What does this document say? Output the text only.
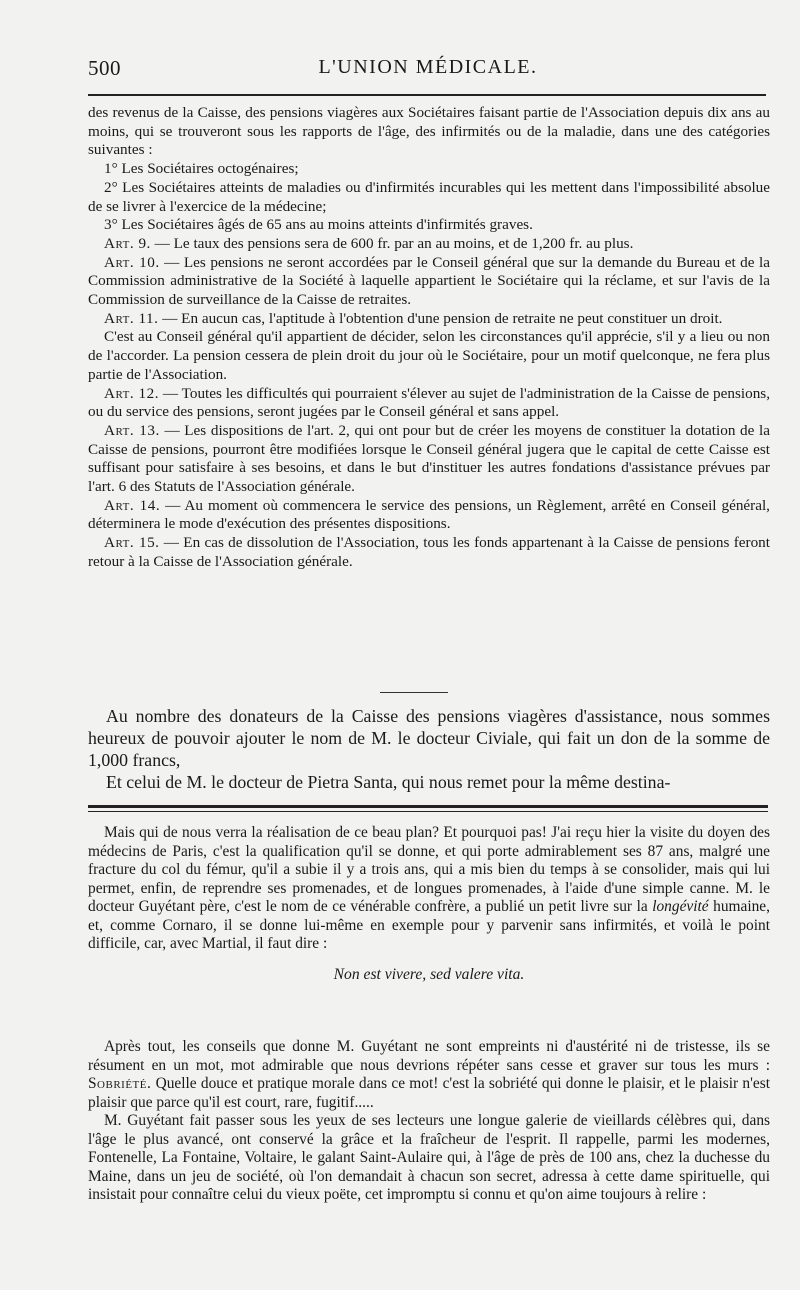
500	L'UNION MÉDICALE.

des revenus de la Caisse, des pensions viagères aux Sociétaires faisant partie de l'Association depuis dix ans au moins, qui se trouveront sous les rapports de l'âge, des infirmités ou de la maladie, dans une des catégories suivantes :

1° Les Sociétaires octogénaires;

2° Les Sociétaires atteints de maladies ou d'infirmités incurables qui les mettent dans l'impossibilité absolue de se livrer à l'exercice de la médecine;

3° Les Sociétaires âgés de 65 ans au moins atteints d'infirmités graves.

Art. 9. — Le taux des pensions sera de 600 fr. par an au moins, et de 1,200 fr. au plus.

Art. 10. — Les pensions ne seront accordées par le Conseil général que sur la demande du Bureau et de la Commission administrative de la Société à laquelle appartient le Sociétaire qui la réclame, et sur l'avis de la Commission de surveillance de la Caisse de retraites.

Art. 11. — En aucun cas, l'aptitude à l'obtention d'une pension de retraite ne peut constituer un droit.

C'est au Conseil général qu'il appartient de décider, selon les circonstances qu'il apprécie, s'il y a lieu ou non de l'accorder. La pension cessera de plein droit du jour où le Sociétaire, pour un motif quelconque, ne fera plus partie de l'Association.

Art. 12. — Toutes les difficultés qui pourraient s'élever au sujet de l'administration de la Caisse de pensions, ou du service des pensions, seront jugées par le Conseil général et sans appel.

Art. 13. — Les dispositions de l'art. 2, qui ont pour but de créer les moyens de constituer la dotation de la Caisse de pensions, pourront être modifiées lorsque le Conseil général jugera que le capital de cette Caisse est suffisant pour satisfaire à ses besoins, et dans le but d'instituer les autres fondations d'assistance prévues par l'art. 6 des Statuts de l'Association générale.

Art. 14. — Au moment où commencera le service des pensions, un Règlement, arrêté en Conseil général, déterminera le mode d'exécution des présentes dispositions.

Art. 15. — En cas de dissolution de l'Association, tous les fonds appartenant à la Caisse de pensions feront retour à la Caisse de l'Association générale.

Au nombre des donateurs de la Caisse des pensions viagères d'assistance, nous sommes heureux de pouvoir ajouter le nom de M. le docteur Civiale, qui fait un don de la somme de 1,000 francs,

Et celui de M. le docteur de Pietra Santa, qui nous remet pour la même destina-

Mais qui de nous verra la réalisation de ce beau plan? Et pourquoi pas! J'ai reçu hier la visite du doyen des médecins de Paris, c'est la qualification qu'il se donne, et qui porte admirablement ses 87 ans, malgré une fracture du col du fémur, qu'il a subie il y a trois ans, qui a mis bien du temps à se consolider, mais qui lui permet, enfin, de reprendre ses promenades, et de longues promenades, à l'aide d'une simple canne. M. le docteur Guyétant père, c'est le nom de ce vénérable confrère, a publié un petit livre sur la longévité humaine, et, comme Cornaro, il se donne lui-même en exemple pour y parvenir sans infirmités, et voilà le point difficile, car, avec Martial, il faut dire :

Non est vivere, sed valere vita.

Après tout, les conseils que donne M. Guyétant ne sont empreints ni d'austérité ni de tristesse, ils se résument en un mot, mot admirable que nous devrions répéter sans cesse et graver sur tous les murs : Sobriété. Quelle douce et pratique morale dans ce mot! c'est la sobriété qui donne le plaisir, et le plaisir n'est plaisir que parce qu'il est court, rare, fugitif.....

M. Guyétant fait passer sous les yeux de ses lecteurs une longue galerie de vieillards célèbres qui, dans l'âge le plus avancé, ont conservé la grâce et la fraîcheur de l'esprit. Il rappelle, parmi les modernes, Fontenelle, La Fontaine, Voltaire, le galant Saint-Aulaire qui, à l'âge de près de 100 ans, chez la duchesse du Maine, dans un jeu de société, où l'on demandait à chacun son secret, adressa à cette dame spirituelle, qui insistait pour connaître celui du vieux poëte, cet impromptu si connu et qu'on aime toujours à relire :
